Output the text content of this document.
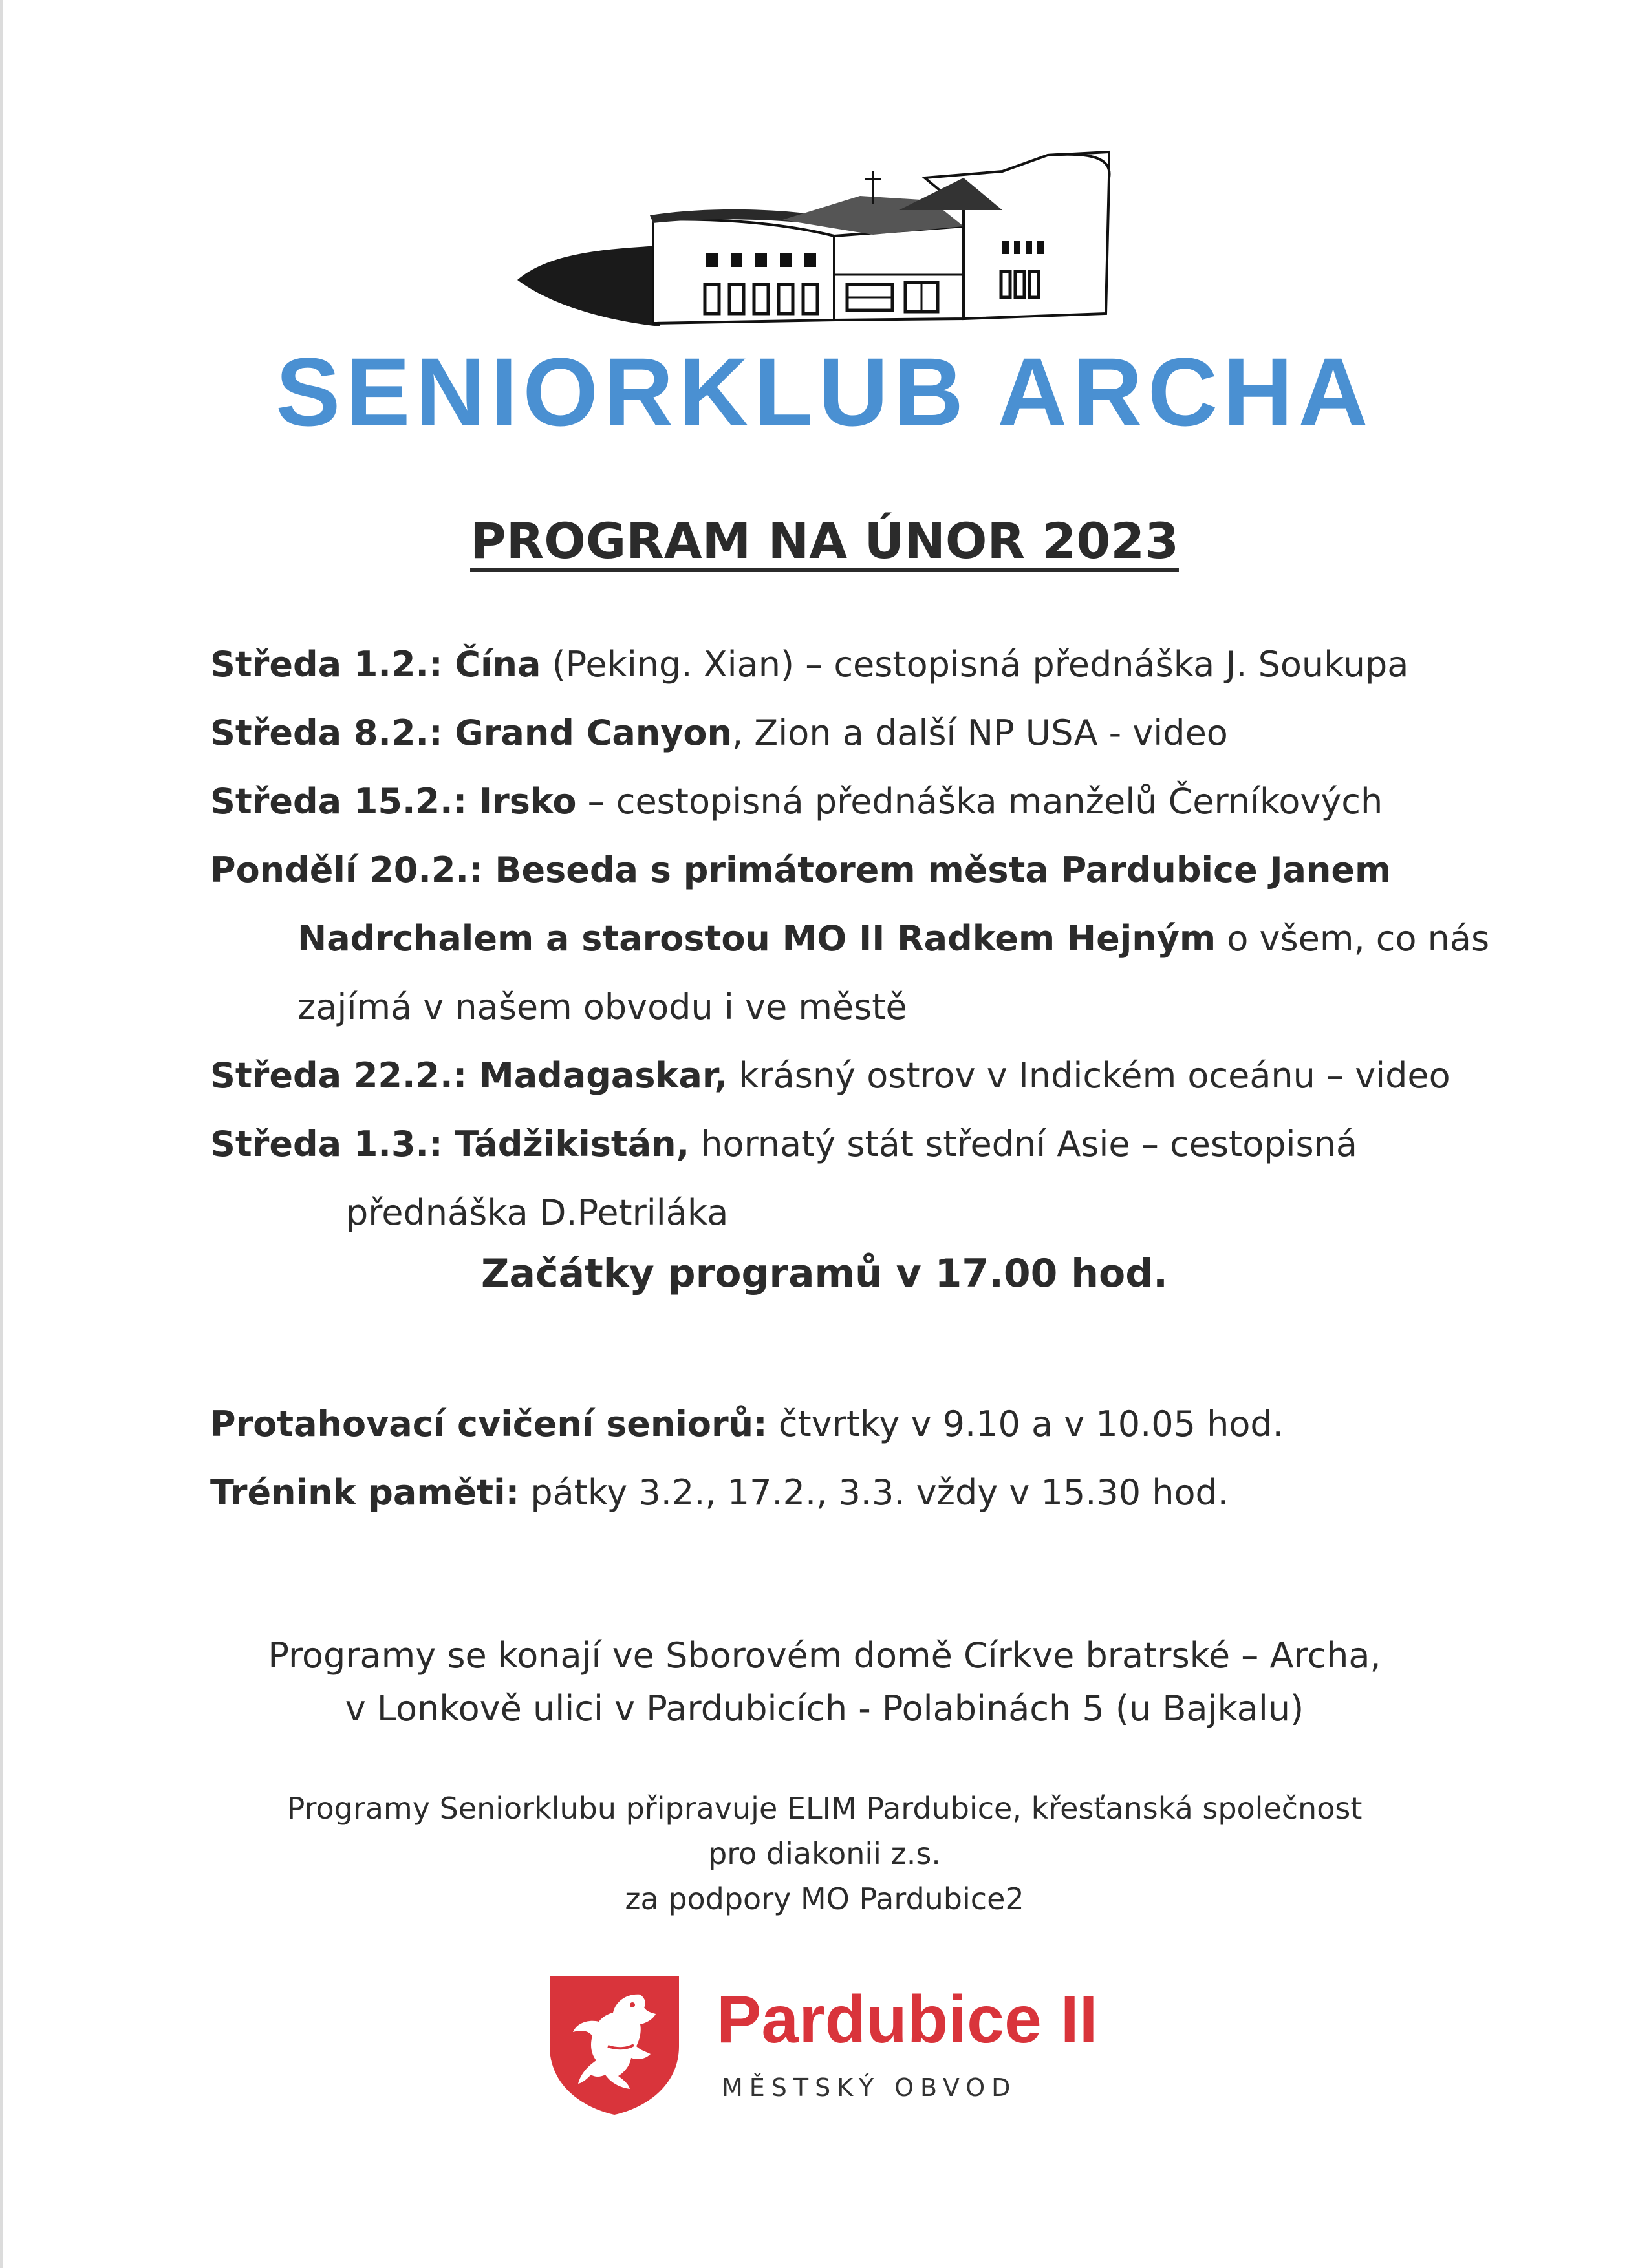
SENIORKLUB ARCHA
PROGRAM NA ÚNOR 2023
Středa 1.2.: Čína (Peking. Xian) – cestopisná přednáška J. Soukupa
Středa 8.2.: Grand Canyon, Zion a další NP USA - video
Středa 15.2.: Irsko – cestopisná přednáška manželů Černíkových
Pondělí 20.2.: Beseda s primátorem města Pardubice Janem
Nadrchalem a starostou MO II Radkem Hejným o všem, co nás
zajímá v našem obvodu i ve městě
Středa 22.2.: Madagaskar, krásný ostrov v Indickém oceánu – video
Středa 1.3.: Tádžikistán, hornatý stát střední Asie – cestopisná
přednáška D.Petriláka
Začátky programů v 17.00 hod.
Protahovací cvičení seniorů: čtvrtky v 9.10 a v 10.05 hod.
Trénink paměti: pátky 3.2., 17.2., 3.3. vždy v 15.30 hod.
Programy se konají ve Sborovém domě Církve bratrské – Archa,
v Lonkově ulici v Pardubicích - Polabinách 5 (u Bajkalu)
Programy Seniorklubu připravuje ELIM Pardubice, křesťanská společnost
pro diakonii z.s.
za podpory MO Pardubice2
Pardubice II
MĚSTSKÝ OBVOD
